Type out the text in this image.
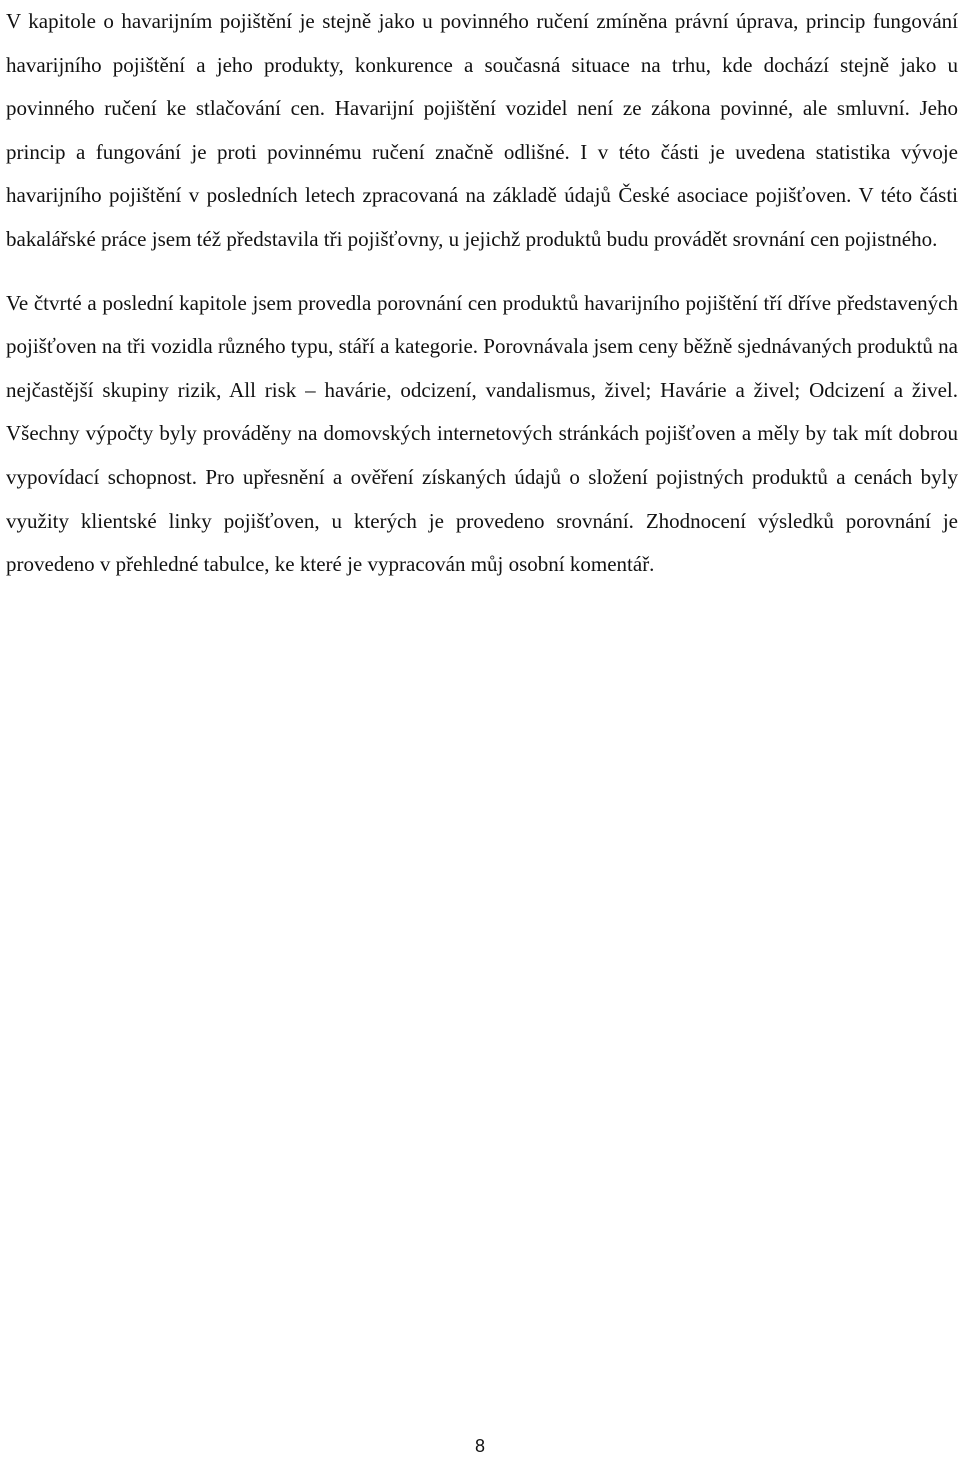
V kapitole o havarijním pojištění je stejně jako u povinného ručení zmíněna právní úprava, princip fungování havarijního pojištění a jeho produkty, konkurence a současná situace na trhu, kde dochází stejně jako u povinného ručení ke stlačování cen. Havarijní pojištění vozidel není ze zákona povinné, ale smluvní. Jeho princip a fungování je proti povinnému ručení značně odlišné. I v této části je uvedena statistika vývoje havarijního pojištění v posledních letech zpracovaná na základě údajů České asociace pojišťoven. V této části bakalářské práce jsem též představila tři pojišťovny, u jejichž produktů budu provádět srovnání cen pojistného.

Ve čtvrté a poslední kapitole jsem provedla porovnání cen produktů havarijního pojištění tří dříve představených pojišťoven na tři vozidla různého typu, stáří a kategorie. Porovnávala jsem ceny běžně sjednávaných produktů na nejčastější skupiny rizik, All risk – havárie, odcizení, vandalismus, živel; Havárie a živel; Odcizení a živel. Všechny výpočty byly prováděny na domovských internetových stránkách pojišťoven a měly by tak mít dobrou vypovídací schopnost. Pro upřesnění a ověření získaných údajů o složení pojistných produktů a cenách byly využity klientské linky pojišťoven, u kterých je provedeno srovnání. Zhodnocení výsledků porovnání je provedeno v přehledné tabulce, ke které je vypracován můj osobní komentář.

8
